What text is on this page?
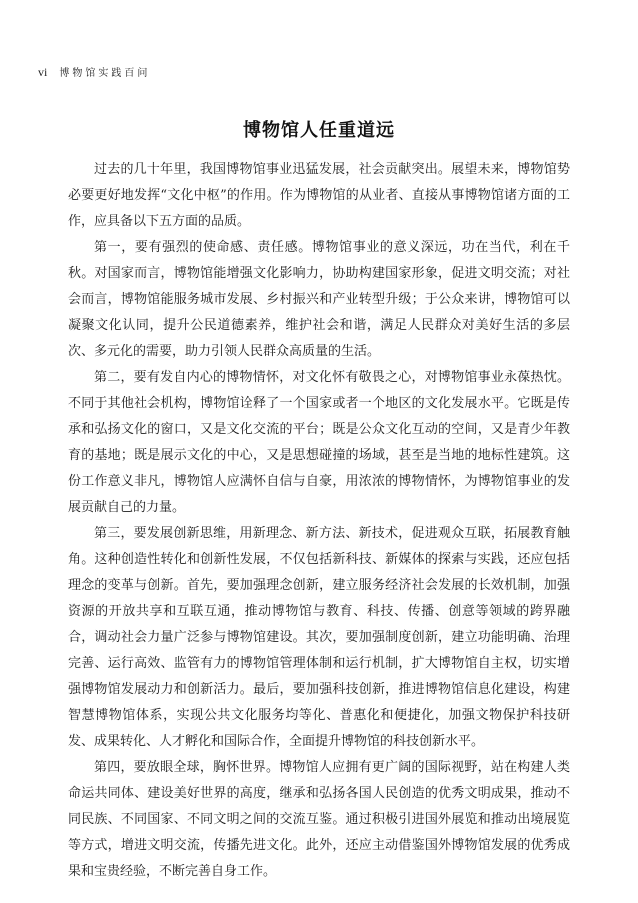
vi 博物馆实践百问
博物馆人任重道远

过去的几十年里，我国博物馆事业迅猛发展，社会贡献突出。展望未来，博物馆势必要更好地发挥“文化中枢”的作用。作为博物馆的从业者、直接从事博物馆诸方面的工作，应具备以下五方面的品质。

第一，要有强烈的使命感、责任感。博物馆事业的意义深远，功在当代，利在千秋。对国家而言，博物馆能增强文化影响力，协助构建国家形象，促进文明交流；对社会而言，博物馆能服务城市发展、乡村振兴和产业转型升级；于公众来讲，博物馆可以凝聚文化认同，提升公民道德素养，维护社会和谐，满足人民群众对美好生活的多层次、多元化的需要，助力引领人民群众高质量的生活。

第二，要有发自内心的博物情怀，对文化怀有敬畏之心，对博物馆事业永葆热忱。不同于其他社会机构，博物馆诠释了一个国家或者一个地区的文化发展水平。它既是传承和弘扬文化的窗口，又是文化交流的平台；既是公众文化互动的空间，又是青少年教育的基地；既是展示文化的中心，又是思想碰撞的场域，甚至是当地的地标性建筑。这份工作意义非凡，博物馆人应满怀自信与自豪，用浓浓的博物情怀，为博物馆事业的发展贡献自己的力量。

第三，要发展创新思维，用新理念、新方法、新技术，促进观众互联，拓展教育触角。这种创造性转化和创新性发展，不仅包括新科技、新媒体的探索与实践，还应包括理念的变革与创新。首先，要加强理念创新，建立服务经济社会发展的长效机制，加强资源的开放共享和互联互通，推动博物馆与教育、科技、传播、创意等领域的跨界融合，调动社会力量广泛参与博物馆建设。其次，要加强制度创新，建立功能明确、治理完善、运行高效、监管有力的博物馆管理体制和运行机制，扩大博物馆自主权，切实增强博物馆发展动力和创新活力。最后，要加强科技创新，推进博物馆信息化建设，构建智慧博物馆体系，实现公共文化服务均等化、普惠化和便捷化，加强文物保护科技研发、成果转化、人才孵化和国际合作，全面提升博物馆的科技创新水平。

第四，要放眼全球，胸怀世界。博物馆人应拥有更广阔的国际视野，站在构建人类命运共同体、建设美好世界的高度，继承和弘扬各国人民创造的优秀文明成果，推动不同民族、不同国家、不同文明之间的交流互鉴。通过积极引进国外展览和推动出境展览等方式，增进文明交流，传播先进文化。此外，还应主动借鉴国外博物馆发展的优秀成果和宝贵经验，不断完善自身工作。
